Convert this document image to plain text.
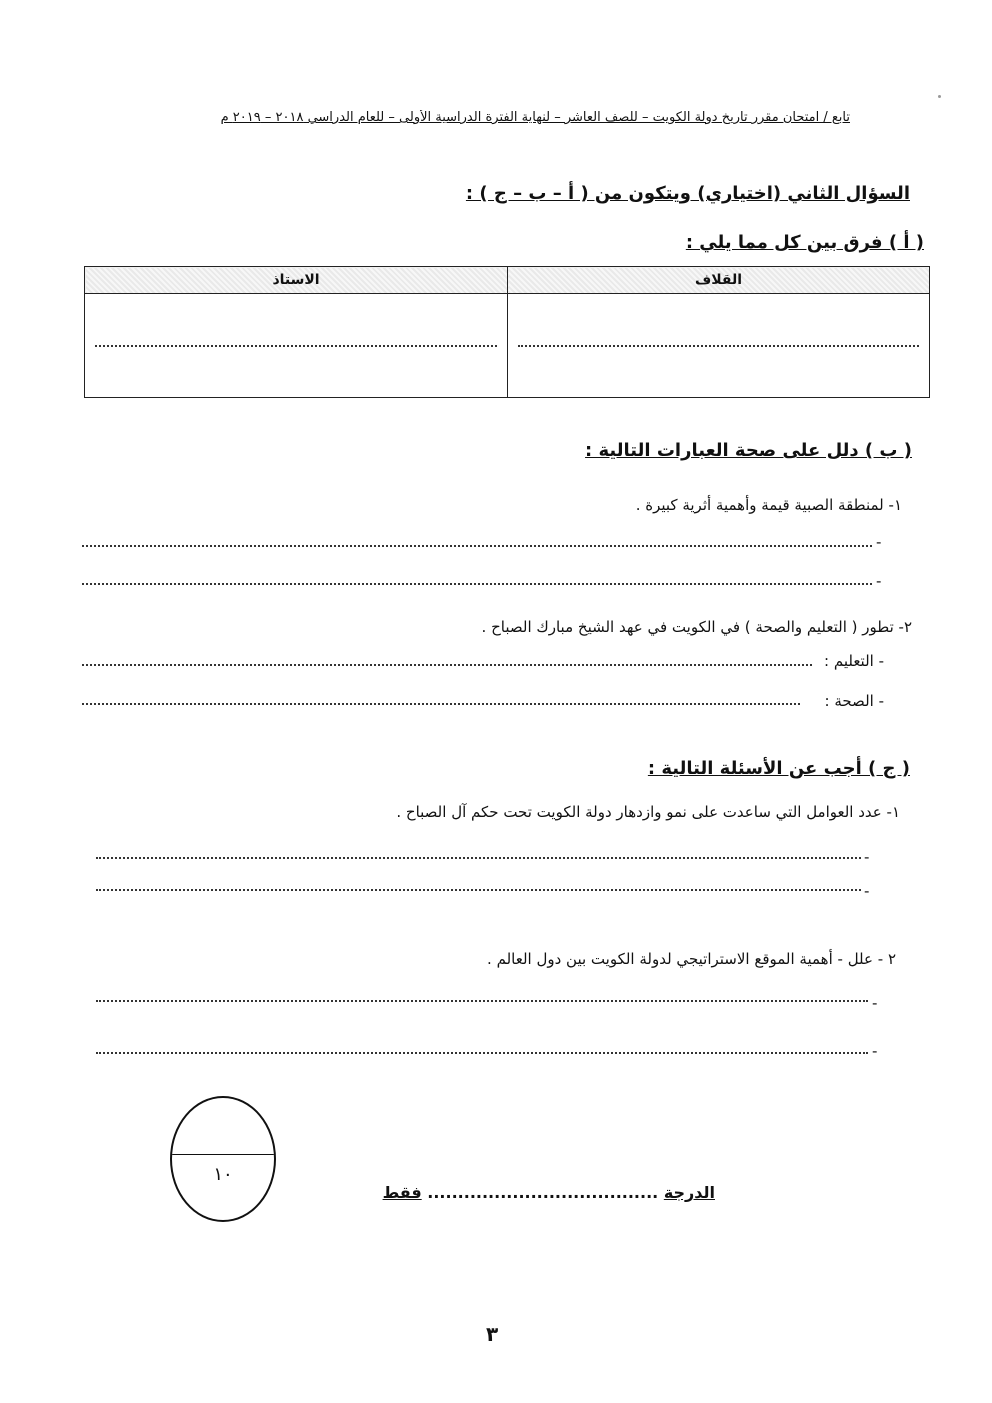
تابع / امتحان مقرر تاريخ دولة الكويت – للصف العاشر – لنهاية الفترة الدراسية الأولى – للعام الدراسي ٢٠١٨ – ٢٠١٩ م
السؤال الثاني (اختياري) ويتكون من ( أ – ب – ج ) :
( أ ) فرق بين كل مما يلي :
القلاف	الاستاذ

( ب ) دلل على صحة العبارات التالية :
١- لمنطقة الصبية قيمة وأهمية أثرية كبيرة .
-
-
٢- تطور ( التعليم والصحة ) في الكويت في عهد الشيخ مبارك الصباح .
- التعليم :
- الصحة :
( ج ) أجب عن الأسئلة التالية :
١- عدد العوامل التي ساعدت على نمو وازدهار دولة الكويت تحت حكم آل الصباح .
-
-
٢ - علل - أهمية الموقع الاستراتيجي لدولة الكويت بين دول العالم .
-
-
١٠
الدرجة ...................................... فقط
٣
